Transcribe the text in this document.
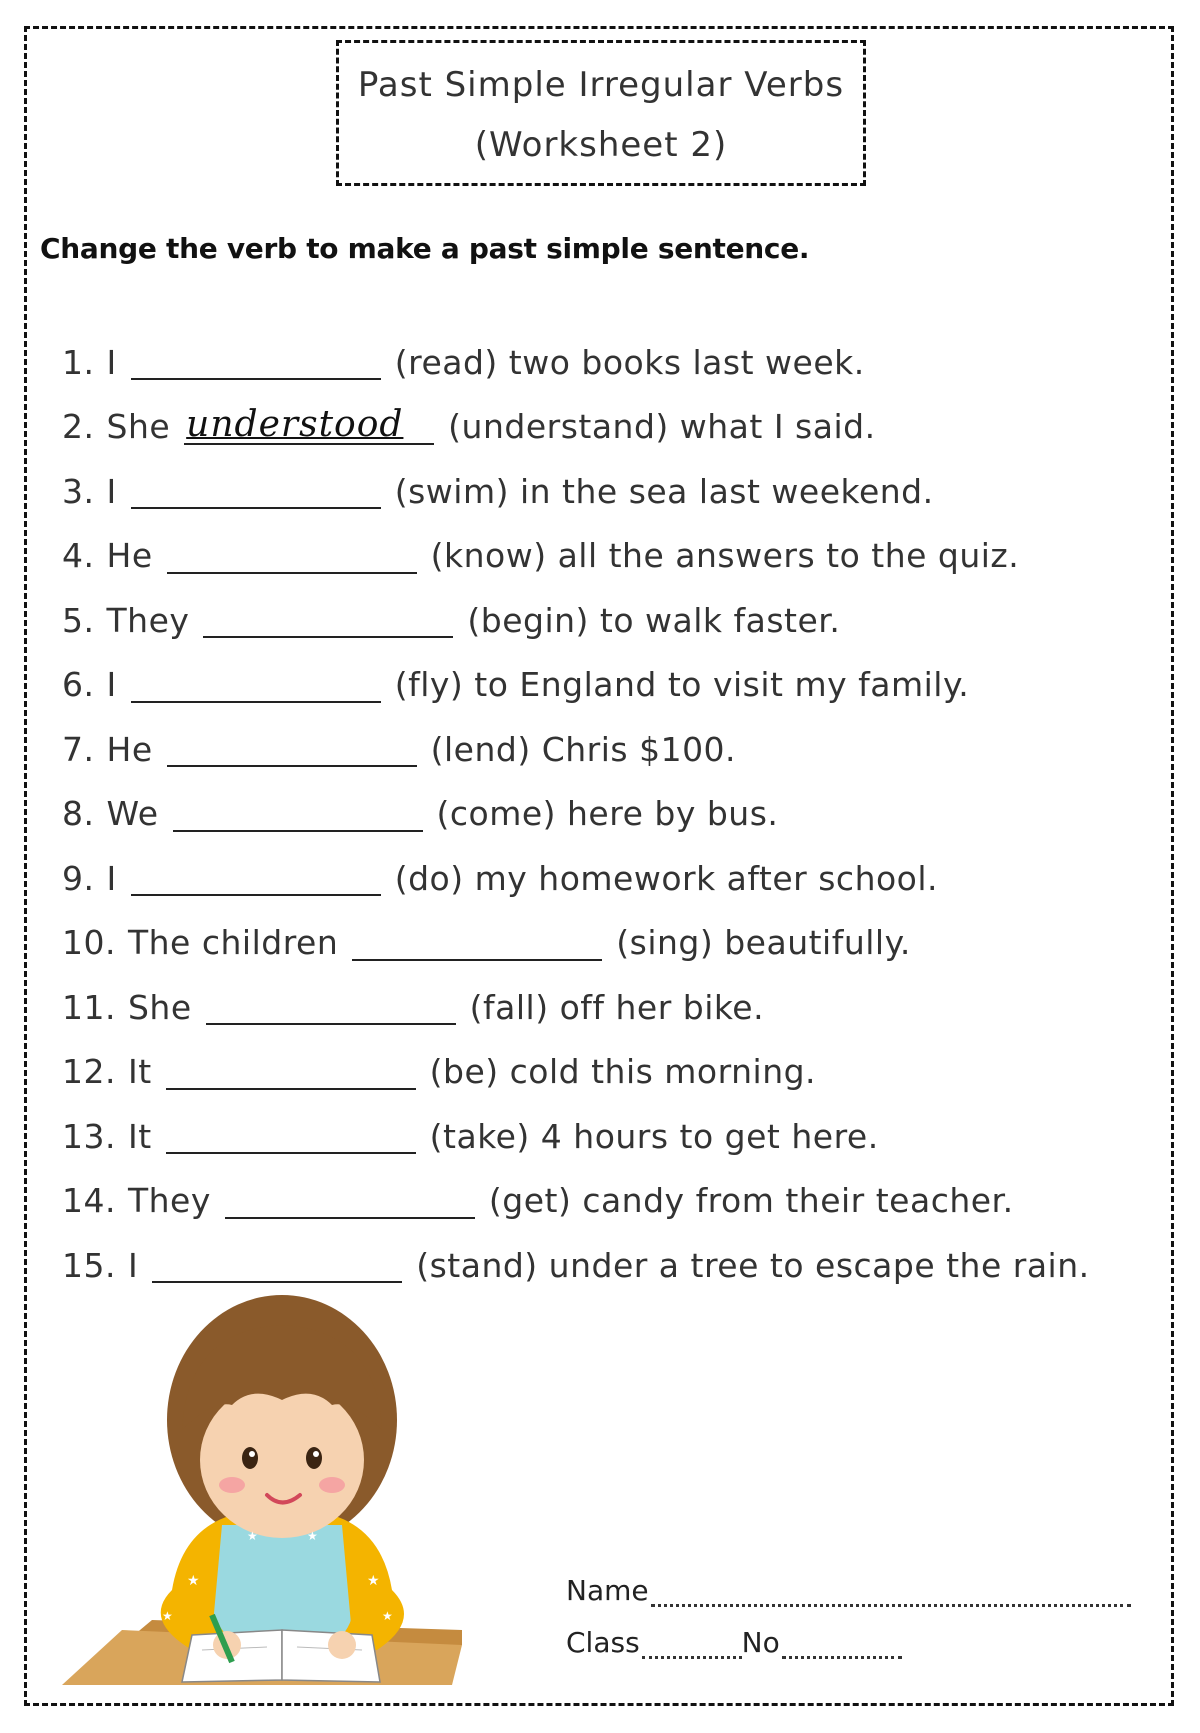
Past Simple Irregular Verbs
(Worksheet 2)
Change the verb to make a past simple sentence.
1. I	(read) two books last week.
2. She understood (understand) what I said.
3. I	(swim) in the sea last weekend.
4. He	(know) all the answers to the quiz.
5. They	(begin) to walk faster.
6. I	(fly) to England to visit my family.
7. He	(lend) Chris $100.
8. We	(come) here by bus.
9. I	(do) my homework after school.
10. The children	(sing) beautifully.
11. She	(fall) off her bike.
12. It	(be) cold this morning.
13. It	(take) 4 hours to get here.
14. They	(get) candy from their teacher.
15. I	(stand) under a tree to escape the rain.
★	★
★	★
★	★
Name
Class	No
